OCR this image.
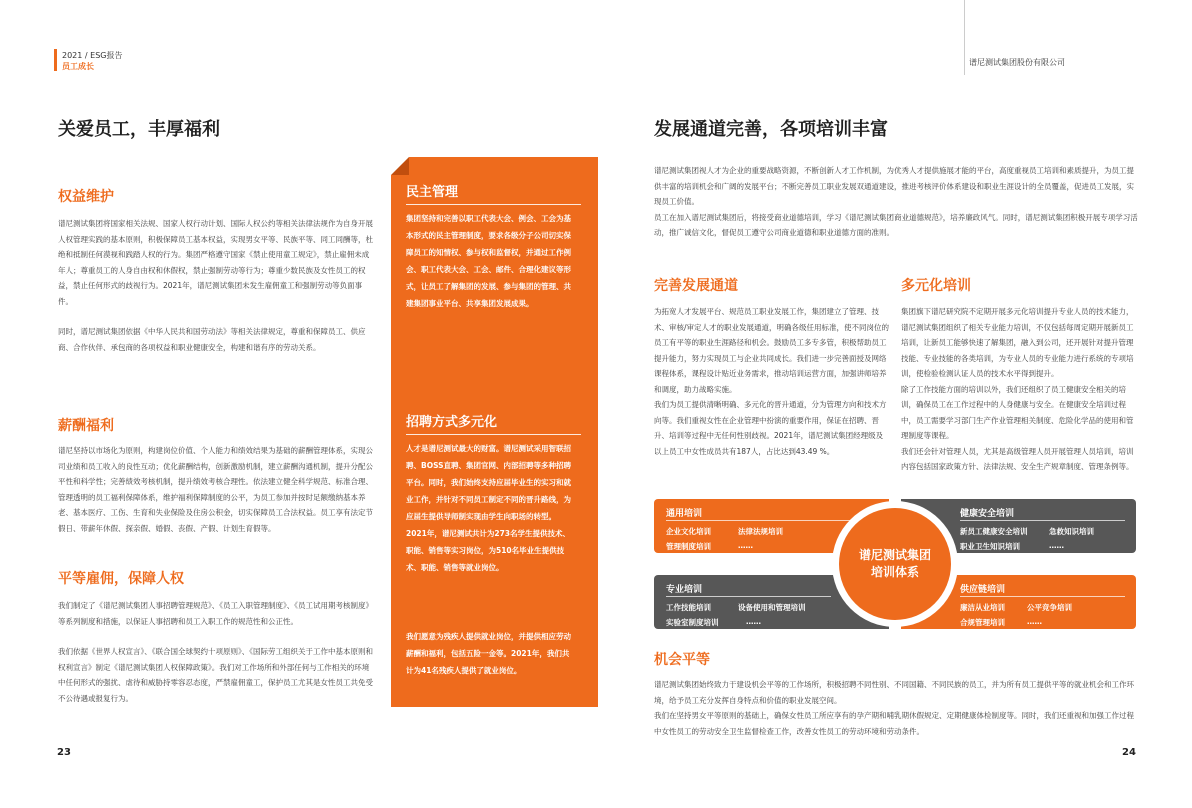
2021 / ESG报告
员工成长	谱尼测试集团股份有限公司
关爱员工，丰厚福利
权益维护

谱尼测试集团将国家相关法规、国家人权行动计划、国际人权公约等相关法律法规作为自身开展人权管理实践的基本原则，积极保障员工基本权益，实现男女平等、民族平等、同工同酬等，杜绝和抵制任何漠视和践踏人权的行为。集团严格遵守国家《禁止使用童工规定》，禁止雇佣未成年人；尊重员工的人身自由权和休假权，禁止强制劳动等行为；尊重少数民族及女性员工的权益，禁止任何形式的歧视行为。2021年，谱尼测试集团未发生雇佣童工和强制劳动等负面事件。

同时，谱尼测试集团依据《中华人民共和国劳动法》等相关法律规定，尊重和保障员工、供应商、合作伙伴、承包商的各项权益和职业健康安全，构建和谐有序的劳动关系。

薪酬福利

谱尼坚持以市场化为原则，构建岗位价值、个人能力和绩效结果为基础的薪酬管理体系，实现公司业绩和员工收入的良性互动；优化薪酬结构，创新激励机制，建立薪酬沟通机制，提升分配公平性和科学性；完善绩效考核机制，提升绩效考核合理性。依法建立健全科学规范、标准合理、管理透明的员工福利保障体系，维护福利保障制度的公平，为员工参加并按时足额缴纳基本养老、基本医疗、工伤、生育和失业保险及住房公积金，切实保障员工合法权益。员工享有法定节假日、带薪年休假、探亲假、婚假、丧假、产假、计划生育假等。

平等雇佣，保障人权

我们制定了《谱尼测试集团人事招聘管理规范》、《员工入职管理制度》、《员工试用期考核制度》等系列制度和措施，以保证人事招聘和员工入职工作的规范性和公正性。

我们依据《世界人权宣言》、《联合国全球契约十项原则》、《国际劳工组织关于工作中基本原则和权利宣言》制定《谱尼测试集团人权保障政策》。我们对工作场所和外部任何与工作相关的环境中任何形式的强扰、虐待和威胁持零容忍态度，严禁雇佣童工，保护员工尤其是女性员工共免受不公待遇或报复行为。

民主管理
集团坚持和完善以职工代表大会、例会、工会为基本形式的民主管理制度，要求各级分子公司切实保障员工的知情权、参与权和监督权，并通过工作例会、职工代表大会、工会、邮件、合理化建议等形式，让员工了解集团的发展、参与集团的管理、共建集团事业平台、共享集团发展成果。
招聘方式多元化
人才是谱尼测试最大的财富。谱尼测试采用智联招聘、BOSS直聘、集团官网、内部招聘等多种招聘平台。同时，我们始终支持应届毕业生的实习和就业工作，并针对不同员工制定不同的晋升路线，为应届生提供导师制实现由学生向职场的转型。2021年，谱尼测试共计为273名学生提供技术、职能、销售等实习岗位，为510名毕业生提供技术、职能、销售等就业岗位。
我们愿意为残疾人提供就业岗位，并提供相应劳动薪酬和福利，包括五险一金等。2021年，我们共计为41名残疾人提供了就业岗位。
23
发展通道完善，各项培训丰富

谱尼测试集团视人才为企业的重要战略资源，不断创新人才工作机制，为优秀人才提供施展才能的平台，高度重视员工培训和素质提升，为员工提供丰富的培训机会和广阔的发展平台；不断完善员工职业发展双通道建设，推进考核评价体系建设和职业生涯设计的全员覆盖，促进员工发展，实现员工价值。

员工在加入谱尼测试集团后，将接受商业道德培训，学习《谱尼测试集团商业道德规范》，培养廉政风气。同时，谱尼测试集团积极开展专项学习活动，推广诚信文化，督促员工遵守公司商业道德和职业道德方面的准则。

完善发展通道

为拓宽人才发展平台、规范员工职业发展工作，集团建立了管理、技术、审核/审定人才的职业发展通道，明确各级任用标准，使不同岗位的员工有平等的职业生涯路径和机会。鼓励员工多专多管，积极帮助员工提升能力，努力实现员工与企业共同成长。我们进一步完善面授及网络课程体系，课程设计贴近业务需求，推动培训运营方面，加强讲师培养和调度，助力战略实施。

我们为员工提供清晰明确、多元化的晋升通道，分为管理方向和技术方向等。我们重视女性在企业管理中扮演的重要作用，保证在招聘、晋升、培训等过程中无任何性别歧视。2021年，谱尼测试集团经理级及以上员工中女性成员共有187人，占比达到43.49 %。

多元化培训

集团旗下谱尼研究院不定期开展多元化培训提升专业人员的技术能力，谱尼测试集团组织了相关专业能力培训，不仅包括每周定期开展新员工培训，让新员工能够快速了解集团，融入到公司，还开展针对提升管理技能、专业技能的各类培训，为专业人员的专业能力进行系统的专项培训，使检验检测认证人员的技术水平得到提升。

除了工作技能方面的培训以外，我们还组织了员工健康安全相关的培训，确保员工在工作过程中的人身健康与安全。在健康安全培训过程中，员工需要学习部门生产作业管理相关制度、危险化学品的使用和管理制度等课程。

我们还会针对管理人员，尤其是高级管理人员开展管理人员培训，培训内容包括国家政策方针、法律法规、安全生产规章制度、管理条例等。

通用培训
企业文化培训	法律法规培训
管理制度培训	……
健康安全培训
新员工健康安全培训	急救知识培训
职业卫生知识培训	……
专业培训
工作技能培训	设备使用和管理培训
实验室制度培训	……
供应链培训
廉洁从业培训	公平竞争培训
合规管理培训	……
谱尼测试集团
培训体系
机会平等

谱尼测试集团始终致力于建设机会平等的工作场所，积极招聘不同性别、不同国籍、不同民族的员工，并为所有员工提供平等的就业机会和工作环境，给予员工充分发挥自身特点和价值的职业发展空间。

我们在坚持男女平等原则的基础上，确保女性员工所应享有的孕产期和哺乳期休假规定、定期健康体检制度等。同时，我们还重视和加强工作过程中女性员工的劳动安全卫生监督检查工作，改善女性员工的劳动环境和劳动条件。

24
